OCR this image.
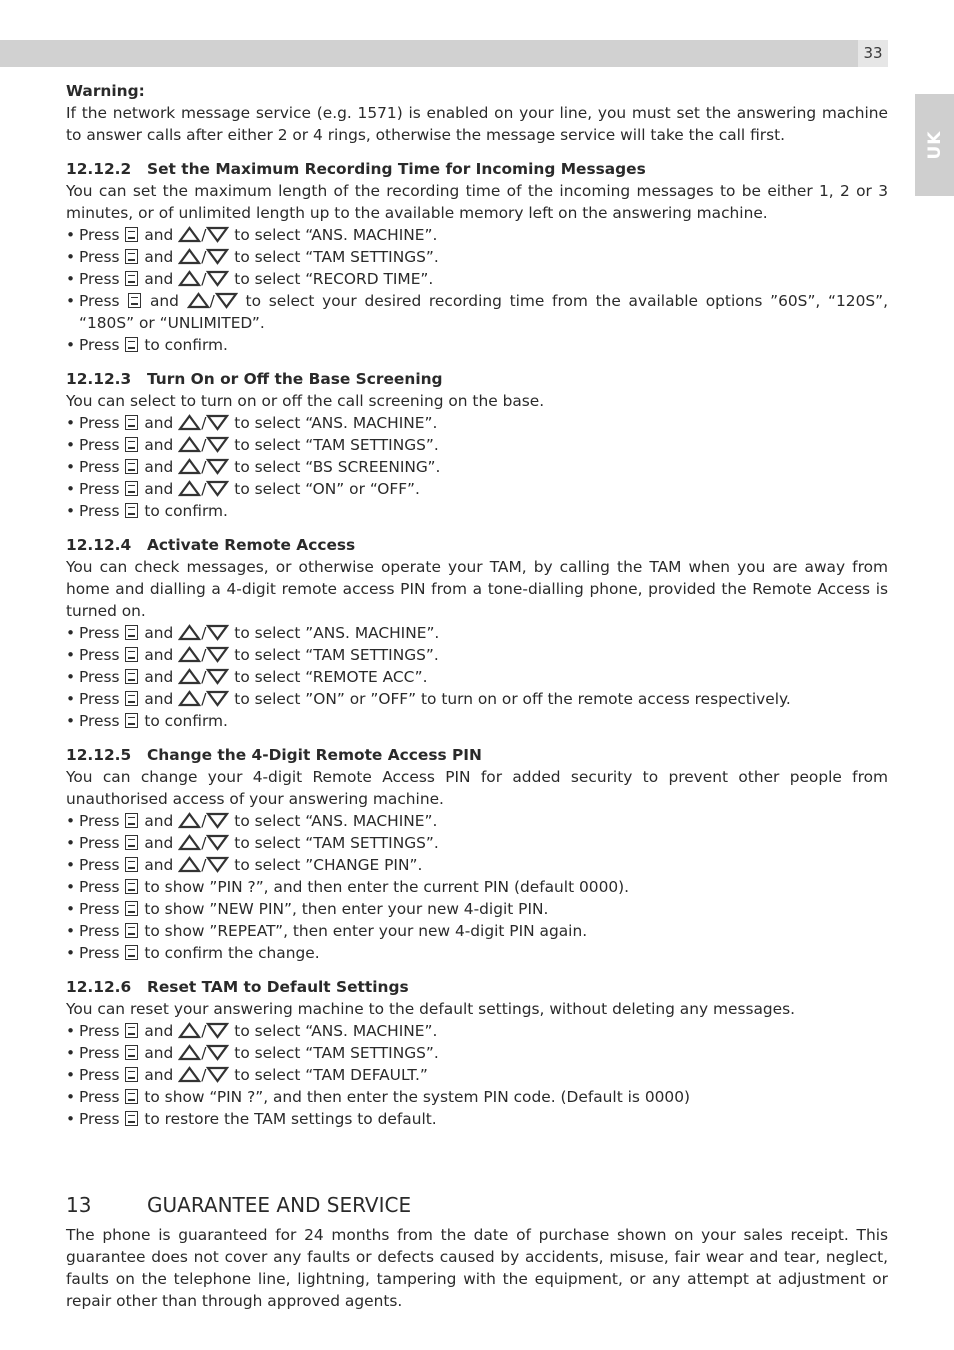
33
UK

Warning:

If the network message service (e.g. 1571) is enabled on your line, you must set the answering machine to answer calls after either 2 or 4 rings, otherwise the message service will take the call first.

12.12.2 Set the Maximum Recording Time for Incoming Messages

You can set the maximum length of the recording time of the incoming messages to be either 1, 2 or 3 minutes, or of unlimited length up to the available memory left on the answering machine.

• Press and / to select “ANS. MACHINE”.
• Press and / to select “TAM SETTINGS”.
• Press and / to select “RECORD TIME”.
• Press and / to select your desired recording time from the available options ”60S”, “120S”, “180S” or “UNLIMITED”.
• Press to confirm.
12.12.3 Turn On or Off the Base Screening

You can select to turn on or off the call screening on the base.

• Press and / to select “ANS. MACHINE”.
• Press and / to select “TAM SETTINGS”.
• Press and / to select “BS SCREENING”.
• Press and / to select “ON” or “OFF”.
• Press to confirm.
12.12.4 Activate Remote Access

You can check messages, or otherwise operate your TAM, by calling the TAM when you are away from home and dialling a 4-digit remote access PIN from a tone-dialling phone, provided the Remote Access is turned on.

• Press and / to select ”ANS. MACHINE”.
• Press and / to select “TAM SETTINGS”.
• Press and / to select “REMOTE ACC”.
• Press and / to select ”ON” or ”OFF” to turn on or off the remote access respectively.
• Press to confirm.
12.12.5 Change the 4-Digit Remote Access PIN

You can change your 4-digit Remote Access PIN for added security to prevent other people from unauthorised access of your answering machine.

• Press and / to select “ANS. MACHINE”.
• Press and / to select “TAM SETTINGS”.
• Press and / to select ”CHANGE PIN”.
• Press to show ”PIN ?”, and then enter the current PIN (default 0000).
• Press to show ”NEW PIN”, then enter your new 4-digit PIN.
• Press to show ”REPEAT”, then enter your new 4-digit PIN again.
• Press to confirm the change.
12.12.6 Reset TAM to Default Settings

You can reset your answering machine to the default settings, without deleting any messages.

• Press and / to select “ANS. MACHINE”.
• Press and / to select “TAM SETTINGS”.
• Press and / to select “TAM DEFAULT.”
• Press to show “PIN ?”, and then enter the system PIN code. (Default is 0000)
• Press to restore the TAM settings to default.
13	GUARANTEE AND SERVICE

The phone is guaranteed for 24 months from the date of purchase shown on your sales receipt. This guarantee does not cover any faults or defects caused by accidents, misuse, fair wear and tear, neglect, faults on the telephone line, lightning, tampering with the equipment, or any attempt at adjustment or repair other than through approved agents.
